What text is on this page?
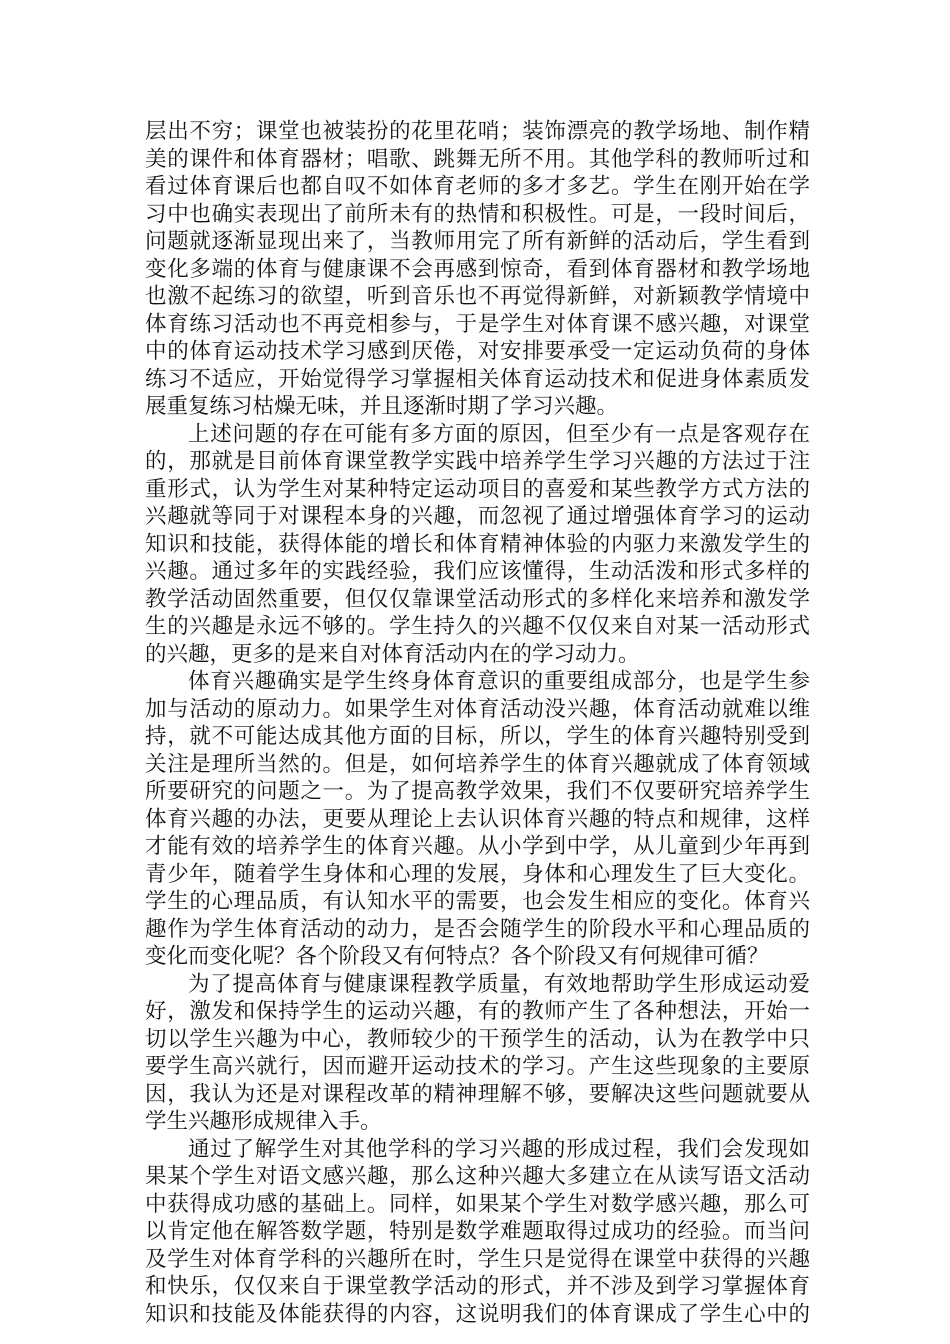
层出不穷；课堂也被装扮的花里花哨；装饰漂亮的教学场地、制作精
美的课件和体育器材；唱歌、跳舞无所不用。其他学科的教师听过和
看过体育课后也都自叹不如体育老师的多才多艺。学生在刚开始在学
习中也确实表现出了前所未有的热情和积极性。可是，一段时间后，
问题就逐渐显现出来了，当教师用完了所有新鲜的活动后，学生看到
变化多端的体育与健康课不会再感到惊奇，看到体育器材和教学场地
也激不起练习的欲望，听到音乐也不再觉得新鲜，对新颖教学情境中
体育练习活动也不再竞相参与，于是学生对体育课不感兴趣，对课堂
中的体育运动技术学习感到厌倦，对安排要承受一定运动负荷的身体
练习不适应，开始觉得学习掌握相关体育运动技术和促进身体素质发
展重复练习枯燥无味，并且逐渐时期了学习兴趣。
上述问题的存在可能有多方面的原因，但至少有一点是客观存在
的，那就是目前体育课堂教学实践中培养学生学习兴趣的方法过于注
重形式，认为学生对某种特定运动项目的喜爱和某些教学方式方法的
兴趣就等同于对课程本身的兴趣，而忽视了通过增强体育学习的运动
知识和技能，获得体能的增长和体育精神体验的内驱力来激发学生的
兴趣。通过多年的实践经验，我们应该懂得，生动活泼和形式多样的
教学活动固然重要，但仅仅靠课堂活动形式的多样化来培养和激发学
生的兴趣是永远不够的。学生持久的兴趣不仅仅来自对某一活动形式
的兴趣，更多的是来自对体育活动内在的学习动力。
体育兴趣确实是学生终身体育意识的重要组成部分，也是学生参
加与活动的原动力。如果学生对体育活动没兴趣，体育活动就难以维
持，就不可能达成其他方面的目标，所以，学生的体育兴趣特别受到
关注是理所当然的。但是，如何培养学生的体育兴趣就成了体育领域
所要研究的问题之一。为了提高教学效果，我们不仅要研究培养学生
体育兴趣的办法，更要从理论上去认识体育兴趣的特点和规律，这样
才能有效的培养学生的体育兴趣。从小学到中学，从儿童到少年再到
青少年，随着学生身体和心理的发展，身体和心理发生了巨大变化。
学生的心理品质，有认知水平的需要，也会发生相应的变化。体育兴
趣作为学生体育活动的动力，是否会随学生的阶段水平和心理品质的
变化而变化呢？各个阶段又有何特点？各个阶段又有何规律可循？
为了提高体育与健康课程教学质量，有效地帮助学生形成运动爱
好，激发和保持学生的运动兴趣，有的教师产生了各种想法，开始一
切以学生兴趣为中心，教师较少的干预学生的活动，认为在教学中只
要学生高兴就行，因而避开运动技术的学习。产生这些现象的主要原
因，我认为还是对课程改革的精神理解不够，要解决这些问题就要从
学生兴趣形成规律入手。
通过了解学生对其他学科的学习兴趣的形成过程，我们会发现如
果某个学生对语文感兴趣，那么这种兴趣大多建立在从读写语文活动
中获得成功感的基础上。同样，如果某个学生对数学感兴趣，那么可
以肯定他在解答数学题，特别是数学难题取得过成功的经验。而当问
及学生对体育学科的兴趣所在时，学生只是觉得在课堂中获得的兴趣
和快乐，仅仅来自于课堂教学活动的形式，并不涉及到学习掌握体育
知识和技能及体能获得的内容，这说明我们的体育课成了学生心中的
